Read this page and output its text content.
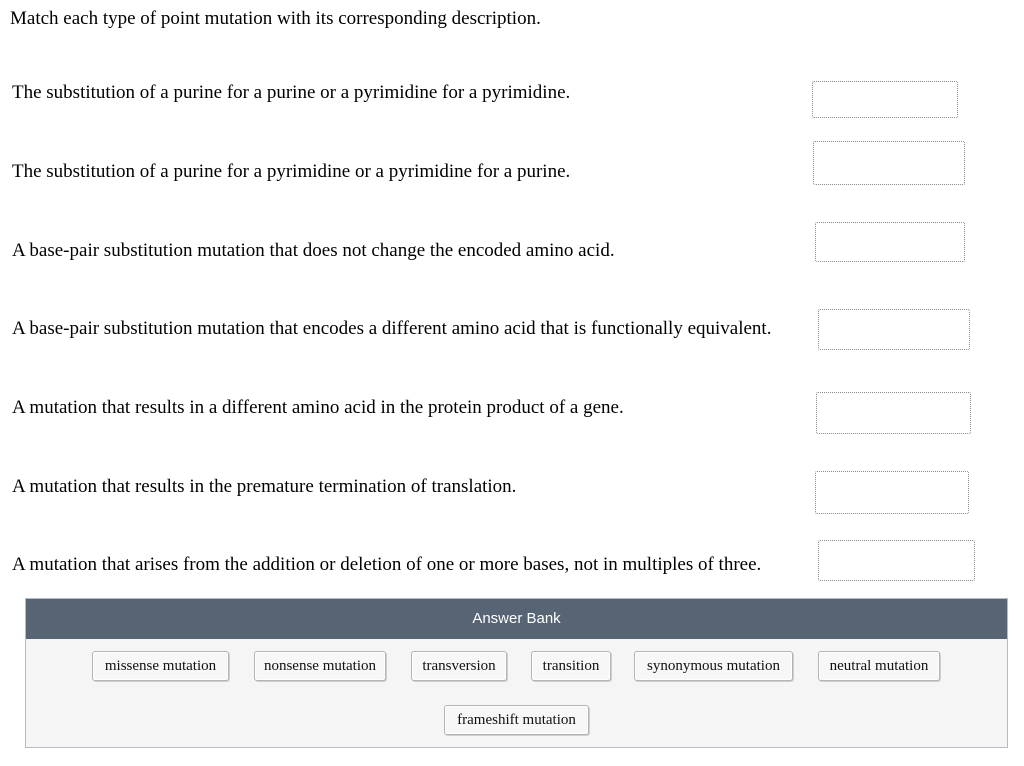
Match each type of point mutation with its corresponding description.
The substitution of a purine for a purine or a pyrimidine for a pyrimidine.
The substitution of a purine for a pyrimidine or a pyrimidine for a purine.
A base-pair substitution mutation that does not change the encoded amino acid.
A base-pair substitution mutation that encodes a different amino acid that is functionally equivalent.
A mutation that results in a different amino acid in the protein product of a gene.
A mutation that results in the premature termination of translation.
A mutation that arises from the addition or deletion of one or more bases, not in multiples of three.
Answer Bank
missense mutation	nonsense mutation	transversion	transition	synonymous mutation	neutral mutation
frameshift mutation
